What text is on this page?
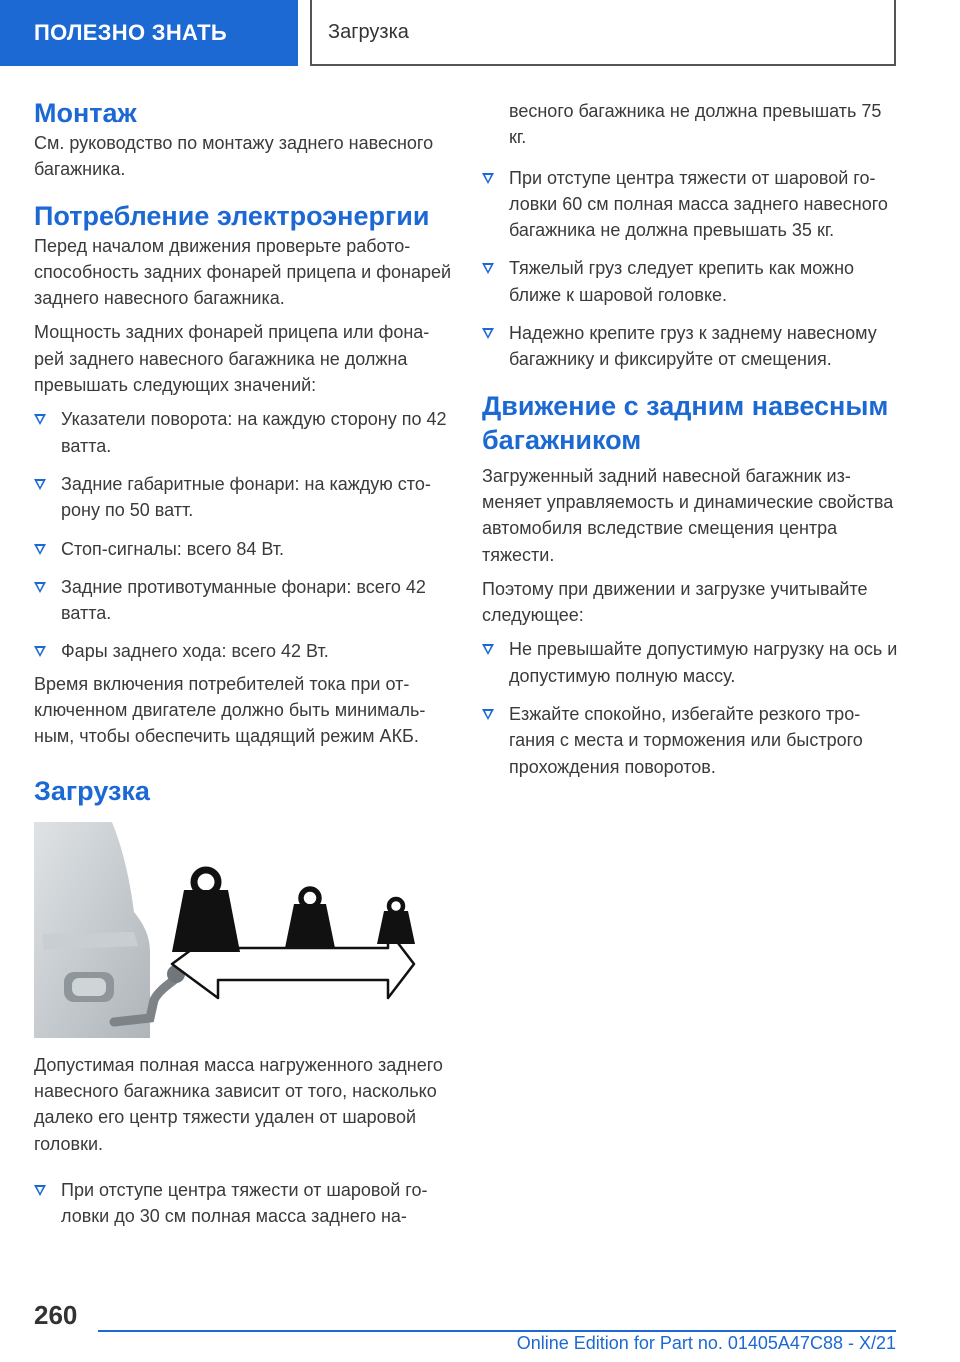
ПОЛЕЗНО ЗНАТЬ	Загрузка
Монтаж

См. руководство по монтажу заднего навесного багажника.

Потребление электроэнергии

Перед началом движения проверьте работоспособность задних фонарей прицепа и фонарей заднего навесного багажника.

Мощность задних фонарей прицепа или фонарей заднего навесного багажника не должна превышать следующих значений:

Указатели поворота: на каждую сторону по 42 ватта.
Задние габаритные фонари: на каждую сторону по 50 ватт.
Стоп-сигналы: всего 84 Вт.
Задние противотуманные фонари: всего 42 ватта.
Фары заднего хода: всего 42 Вт.

Время включения потребителей тока при отключенном двигателе должно быть минимальным, чтобы обеспечить щадящий режим АКБ.

Загрузка

Допустимая полная масса нагруженного заднего навесного багажника зависит от того, насколько далеко его центр тяжести удален от шаровой головки.

При отступе центра тяжести от шаровой головки до 30 см полная масса заднего на-

весного багажника не должна превышать 75 кг.

При отступе центра тяжести от шаровой головки 60 см полная масса заднего навесного багажника не должна превышать 35 кг.
Тяжелый груз следует крепить как можно ближе к шаровой головке.
Надежно крепите груз к заднему навесному багажнику и фиксируйте от смещения.
Движение с задним навесным багажником

Загруженный задний навесной багажник изменяет управляемость и динамические свойства автомобиля вследствие смещения центра тяжести.

Поэтому при движении и загрузке учитывайте следующее:

Не превышайте допустимую нагрузку на ось и допустимую полную массу.
Езжайте спокойно, избегайте резкого трогания с места и торможения или быстрого прохождения поворотов.
260
Online Edition for Part no. 01405A47C88 - X/21
